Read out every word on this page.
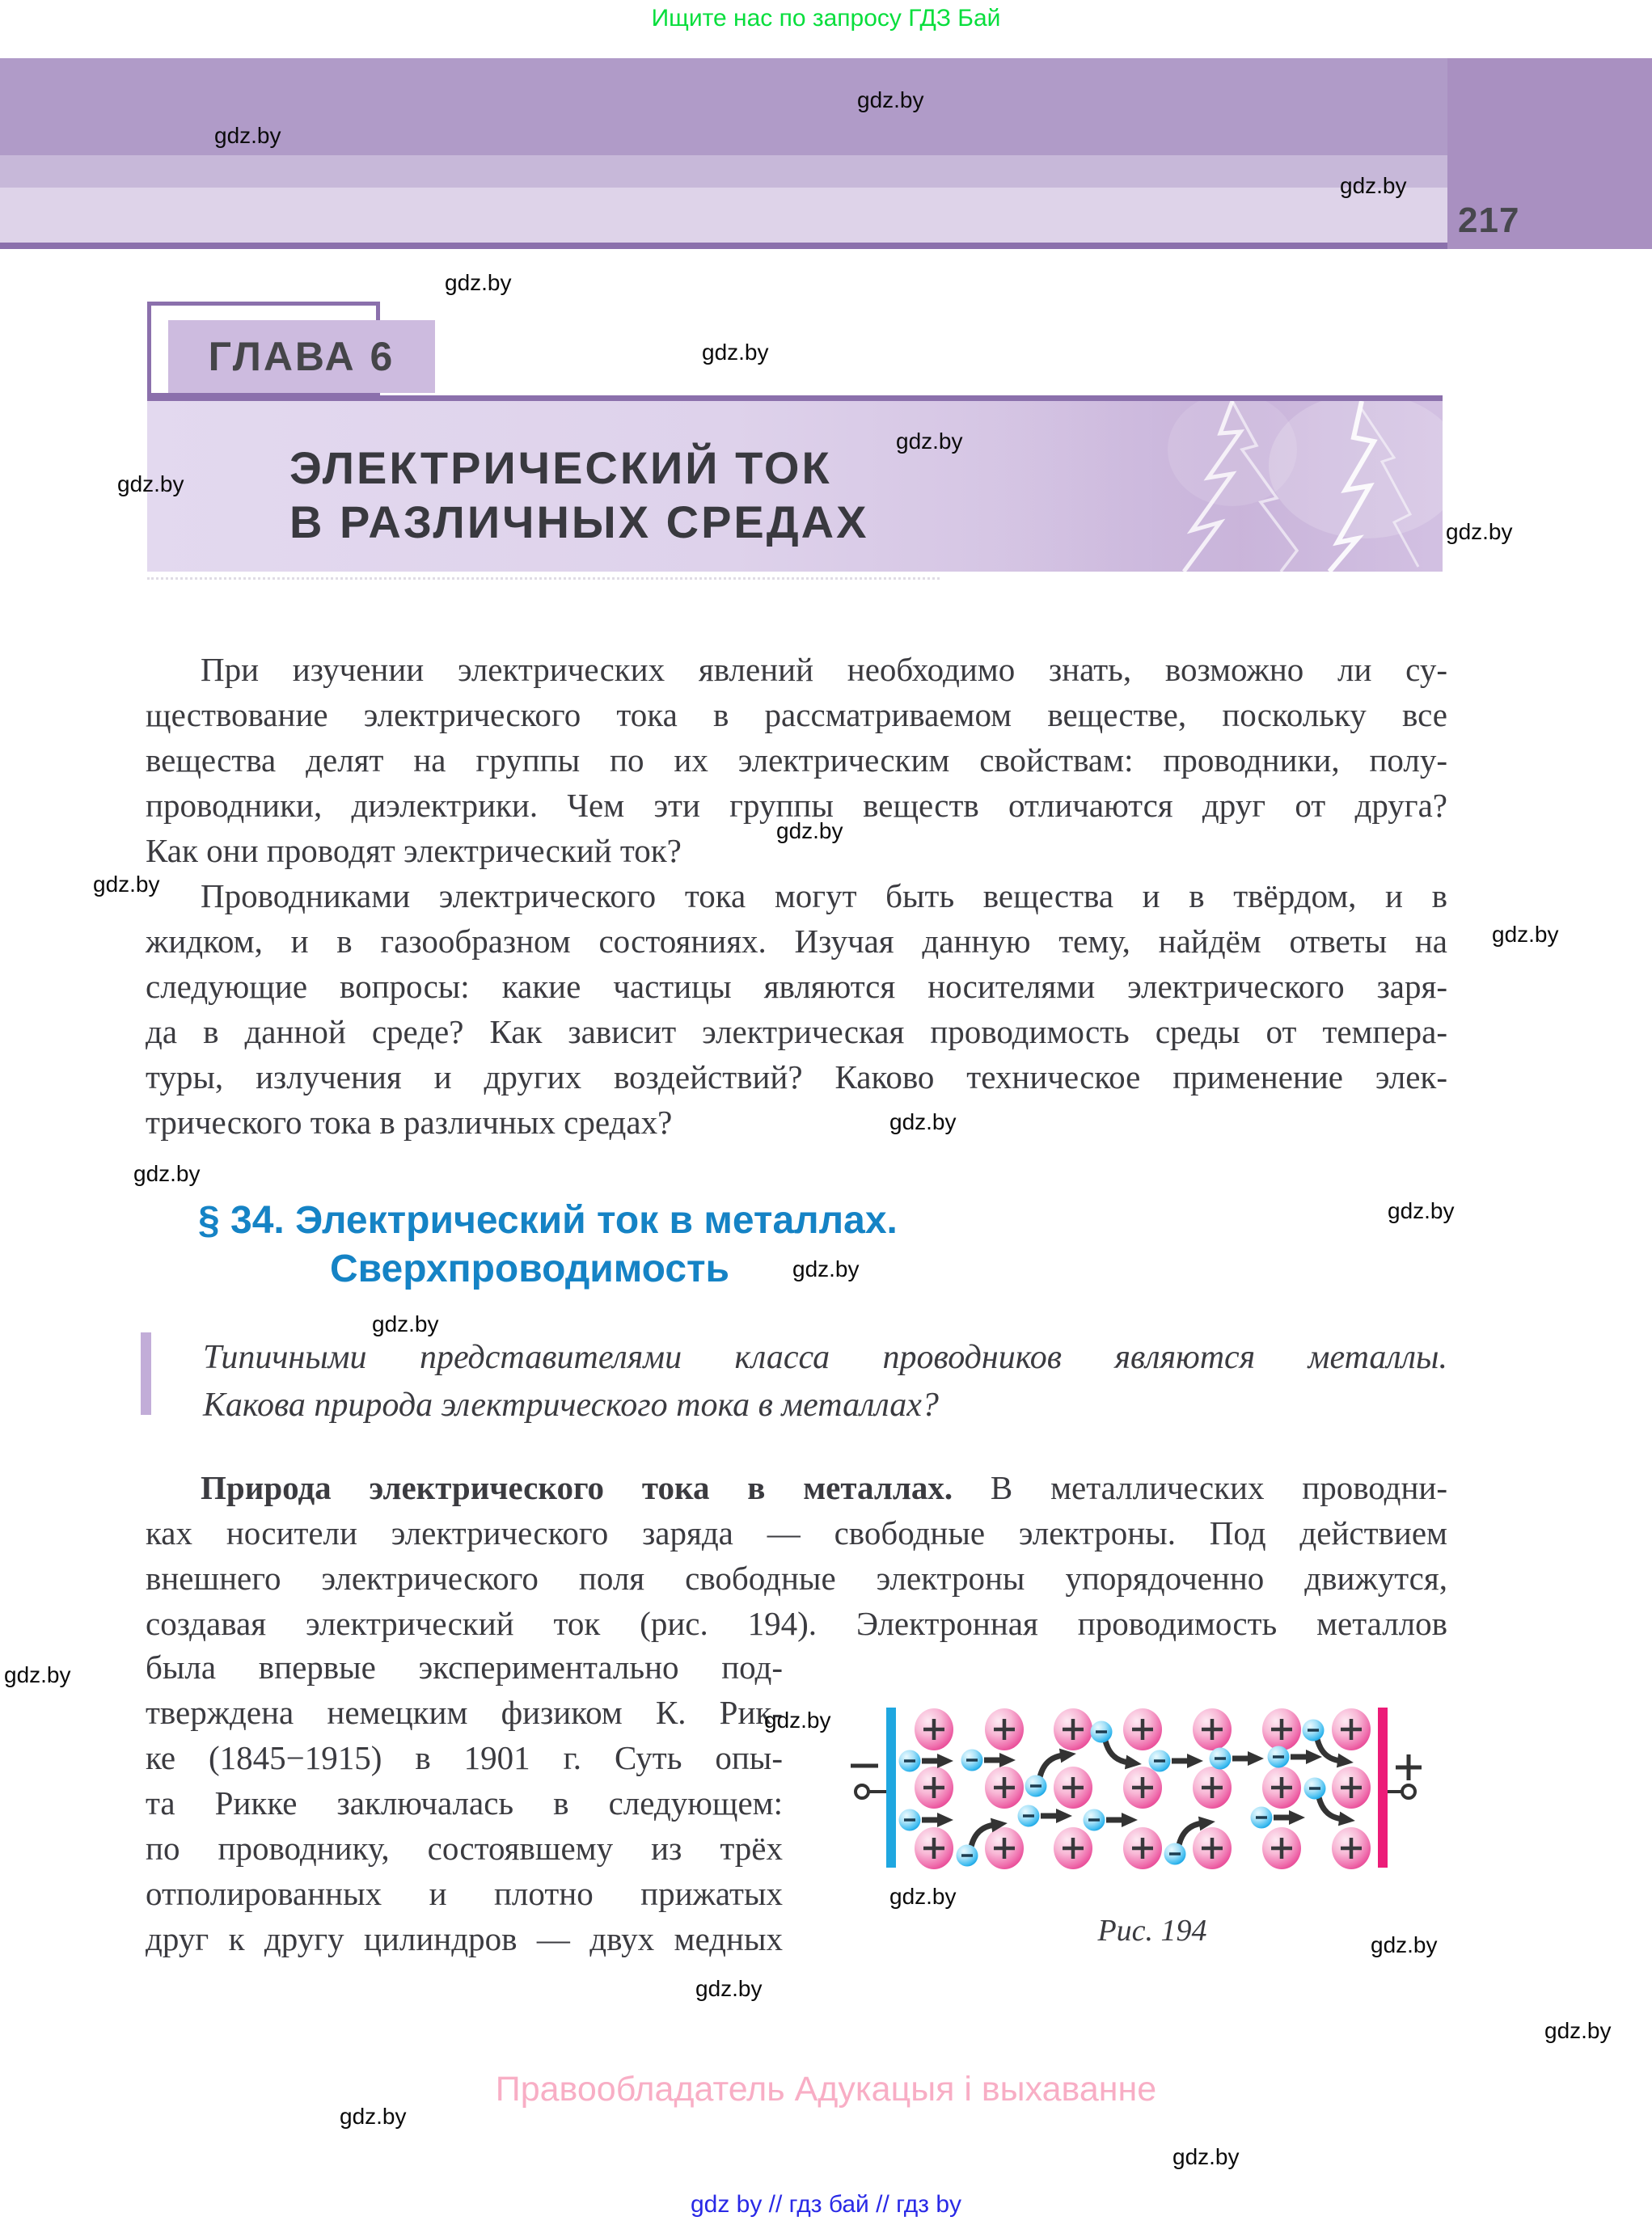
Ищите нас по запросу ГДЗ Бай
217
ГЛАВА 6
ЭЛЕКТРИЧЕСКИЙ ТОК
В РАЗЛИЧНЫХ СРЕДАХ
При изучении электрических явлений необходимо знать, возможно ли су-
ществование электрического тока в рассматриваемом веществе, поскольку все
вещества делят на группы по их электрическим свойствам: проводники, полу-
проводники, диэлектрики. Чем эти группы веществ отличаются друг от друга?
Как они проводят электрический ток?
Проводниками электрического тока могут быть вещества и в твёрдом, и в
жидком, и в газообразном состояниях. Изучая данную тему, найдём ответы на
следующие вопросы: какие частицы являются носителями электрического заря-
да в данной среде? Как зависит электрическая проводимость среды от темпера-
туры, излучения и других воздействий? Каково техническое применение элек-
трического тока в различных средах?
§ 34. Электрический ток в металлах.
Сверхпроводимость
Типичными представителями класса проводников являются металлы.
Какова природа электрического тока в металлах?
Природа электрического тока в металлах. В металлических проводни-
ках носители электрического заряда — свободные электроны. Под действием
внешнего электрического поля свободные электроны упорядоченно движутся,
создавая электрический ток (рис. 194). Электронная проводимость металлов
была впервые экспериментально под-
тверждена немецким физиком К. Рик-
ке (1845−1915) в 1901 г. Суть опы-
та Рикке заключалась в следующем:
по проводнику, состоявшему из трёх
отполированных и плотно прижатых
друг к другу цилиндров — двух медных	Рис. 194
Правообладатель Адукацыя і выхаванне
gdz by // гдз бай // гдз by
gdz.by
gdz.by
gdz.by
gdz.by
gdz.by
gdz.by
gdz.by
gdz.by
gdz.by
gdz.by
gdz.by
gdz.by
gdz.by
gdz.by
gdz.by
gdz.by
gdz.by
gdz.by
gdz.by
gdz.by
gdz.by
gdz.by
gdz.by
gdz.by
